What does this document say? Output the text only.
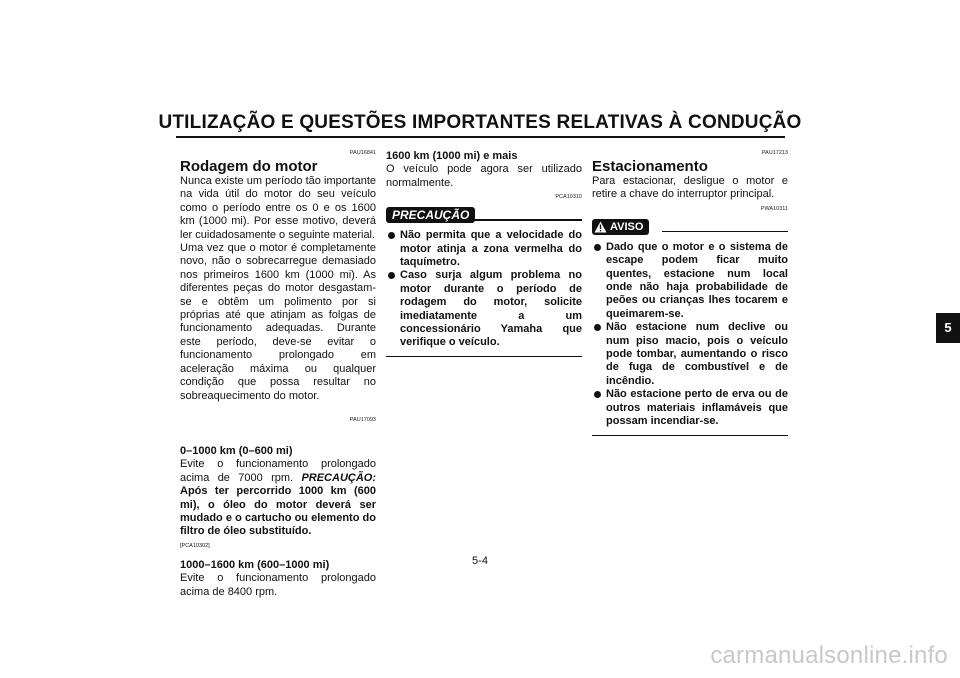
UTILIZAÇÃO E QUESTÕES IMPORTANTES RELATIVAS À CONDUÇÃO
PAU16841
Rodagem do motor

Nunca existe um período tão importante na vida útil do motor do seu veículo como o período entre os 0 e os 1600 km (1000 mi). Por esse motivo, deverá ler cuidadosamente o seguinte material.

Uma vez que o motor é completamente novo, não o sobrecarregue demasiado nos primeiros 1600 km (1000 mi). As diferentes peças do motor desgastam-se e obtêm um polimento por si próprias até que atinjam as folgas de funcionamento adequadas. Durante este período, deve-se evitar o funcionamento prolongado em aceleração máxima ou qualquer condição que possa resultar no sobreaquecimento do motor.

PAU17093
0–1000 km (0–600 mi)

Evite o funcionamento prolongado acima de 7000 rpm. PRECAUÇÃO: Após ter percorrido 1000 km (600 mi), o óleo do motor deverá ser mudado e o cartucho ou elemento do filtro de óleo substituído.

[PCA10302]
1000–1600 km (600–1000 mi)

Evite o funcionamento prolongado acima de 8400 rpm.

1600 km (1000 mi) e mais

O veículo pode agora ser utilizado normalmente.

PCA10310
PRECAUÇÃO
Não permita que a velocidade do motor atinja a zona vermelha do taquímetro.
Caso surja algum problema no motor durante o período de rodagem do motor, solicite imediatamente a um concessionário Yamaha que verifique o veículo.
PAU17213
Estacionamento

Para estacionar, desligue o motor e retire a chave do interruptor principal.

PWA10311
AVISO
Dado que o motor e o sistema de escape podem ficar muito quentes, estacione num local onde não haja probabilidade de peões ou crianças lhes tocarem e queimarem-se.
Não estacione num declive ou num piso macio, pois o veículo pode tombar, aumentando o risco de fuga de combustível e de incêndio.
Não estacione perto de erva ou de outros materiais inflamáveis que possam incendiar-se.
5
5-4
carmanualsonline.info
